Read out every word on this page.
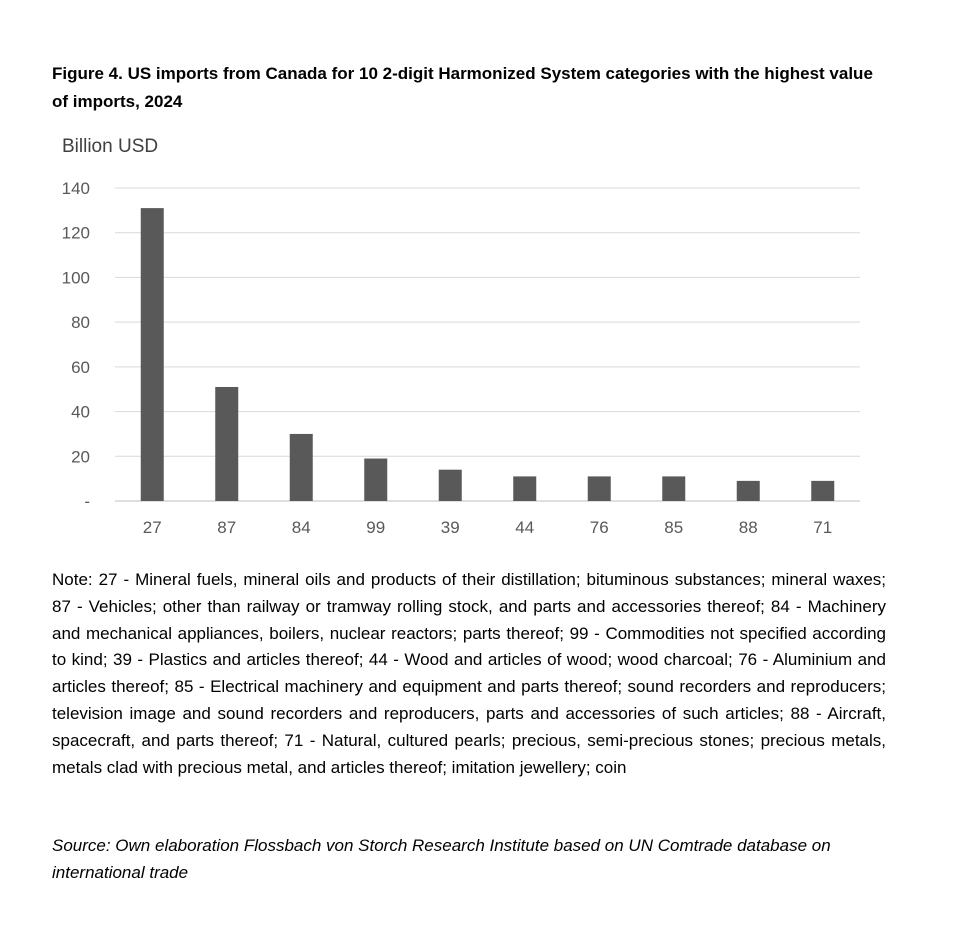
Figure 4. US imports from Canada for 10 2-digit Harmonized System categories with the highest value of imports, 2024
Billion USD
-
20
40
60
80
100
120
140
27	87	84	99	39	44	76	85	88	71
Note: 27 - Mineral fuels, mineral oils and products of their distillation; bituminous substances; mineral waxes; 87 - Vehicles; other than railway or tramway rolling stock, and parts and accessories thereof; 84 - Machinery and mechanical appliances, boilers, nuclear reactors; parts thereof; 99 - Commodities not specified according to kind; 39 - Plastics and articles thereof; 44 - Wood and articles of wood; wood charcoal; 76 - Aluminium and articles thereof; 85 - Electrical machinery and equipment and parts thereof; sound recorders and reproducers; television image and sound recorders and reproducers, parts and accessories of such articles; 88 - Aircraft, spacecraft, and parts thereof; 71 - Natural, cultured pearls; precious, semi-precious stones; precious metals, metals clad with precious metal, and articles thereof; imitation jewellery; coin
Source: Own elaboration Flossbach von Storch Research Institute based on UN Comtrade database on international trade
